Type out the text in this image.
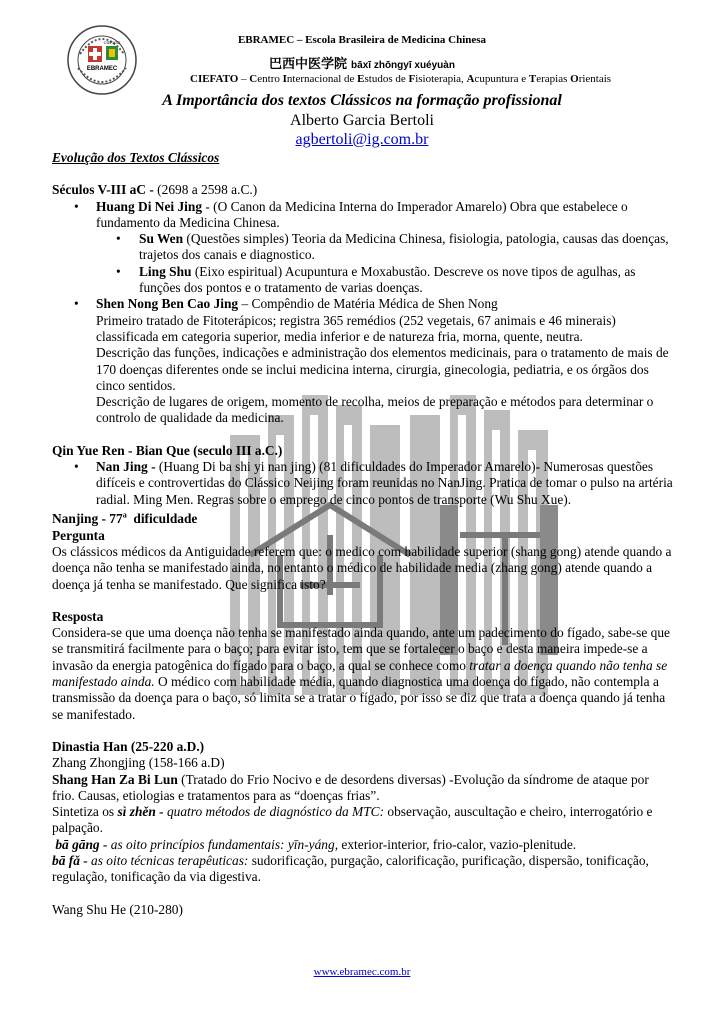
CIEFATO
EBRAMEC
EBRAMEC – Escola Brasileira de Medicina Chinesa
巴西中医学院 bāxī zhōngyī xuéyuàn
CIEFATO – Centro Internacional de Estudos de Fisioterapia, Acupuntura e Terapias Orientais
A Importância dos textos Clássicos na formação profissional
Alberto Garcia Bertoli
agbertoli@ig.com.br

Evolução dos Textos Clássicos

Séculos V-III aC - (2698 a 2598 a.C.)

• Huang Di Nei Jing - (O Canon da Medicina Interna do Imperador Amarelo) Obra que estabelece o fundamento da Medicina Chinesa.

• Su Wen (Questões simples) Teoria da Medicina Chinesa, fisiologia, patologia, causas das doenças, trajetos dos canais e diagnostico.

• Ling Shu (Eixo espiritual) Acupuntura e Moxabustão. Descreve os nove tipos de agulhas, as funções dos pontos e o tratamento de varias doenças.

• Shen Nong Ben Cao Jing – Compêndio de Matéria Médica de Shen Nong

Primeiro tratado de Fitoterápicos; registra 365 remédios (252 vegetais, 67 animais e 46 minerais) classificada em categoria superior, media inferior e de natureza fria, morna, quente, neutra.

Descrição das funções, indicações e administração dos elementos medicinais, para o tratamento de mais de 170 doenças diferentes onde se inclui medicina interna, cirurgia, ginecologia, pediatria, e os órgãos dos cinco sentidos.

Descrição de lugares de origem, momento de recolha, meios de preparação e métodos para determinar o controlo de qualidade da medicina.

Qin Yue Ren - Bian Que (seculo III a.C.)

• Nan Jing - (Huang Di ba shi yi nan jing) (81 dificuldades do Imperador Amarelo)- Numerosas questões difíceis e controvertidas do Clássico Neijing foram reunidas no NanJing. Pratica de tomar o pulso na artéria radial. Ming Men. Regras sobre o emprego de cinco pontos de transporte (Wu Shu Xue).

Nanjing - 77$^a$  dificuldade

Pergunta

Os clássicos médicos da Antiguidade referem que: o medico com habilidade superior (shang gong) atende quando a doença não tenha se manifestado ainda, no entanto o médico de habilidade media (zhang gong) atende quando a doença já tenha se manifestado. Que significa isto?

Resposta

Considera-se que uma doença não tenha se manifestado ainda quando, ante um padecimento do fígado, sabe-se que se transmitirá facilmente para o baço; para evitar isto, tem que se fortalecer o baço e desta maneira impede-se a invasão da energia patogênica do fígado para o baço, a qual se conhece como tratar a doença quando não tenha se manifestado ainda. O médico com habilidade média, quando diagnostica uma doença do fígado, não contempla a transmissão da doença para o baço, só limita se a tratar o fígado, por isso se diz que trata a doença quando já tenha se manifestado.

Dinastia Han (25-220 a.D.)

Zhang Zhongjing (158-166 a.D)

Shang Han Za Bi Lun (Tratado do Frio Nocivo e de desordens diversas) -Evolução da síndrome de ataque por frio. Causas, etiologias e tratamentos para as “doenças frias”.

Sintetiza os sì zhěn - quatro métodos de diagnóstico da MTC: observação, auscultação e cheiro, interrogatório e palpação.

bā gāng - as oito princípios fundamentais: yīn-yáng, exterior-interior, frio-calor, vazio-plenitude.

bā fǎ - as oito técnicas terapêuticas: sudorificação, purgação, calorificação, purificação, dispersão, tonificação, regulação, tonificação da via digestiva.

Wang Shu He (210-280)

www.ebramec.com.br
